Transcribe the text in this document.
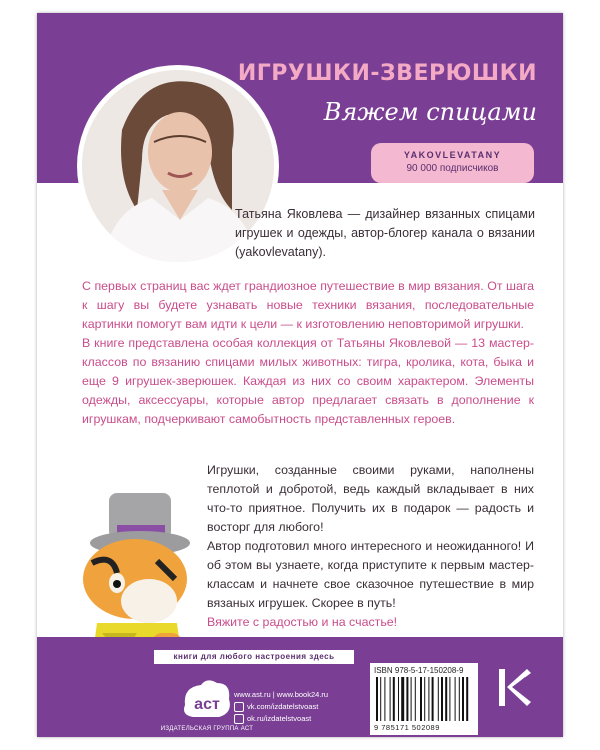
ИГРУШКИ-ЗВЕРЮШКИ
Вяжем спицами
YAKOVLEVATANY
90 000 подписчиков
Татьяна Яковлева — дизайнер вязанных спицами игрушек и одежды, автор-блогер канала о вязании (yakovlevatany).

С первых страниц вас ждет грандиозное путешествие в мир вязания. От шага к шагу вы будете узнавать новые техники вязания, последовательные картинки помогут вам идти к цели — к изготовлению неповторимой игрушки.

В книге представлена особая коллекция от Татьяны Яковлевой — 13 мастер-классов по вязанию спицами милых животных: тигра, кролика, кота, быка и еще 9 игрушек-зверюшек. Каждая из них со своим характером. Элементы одежды, аксессуары, которые автор предлагает связать в дополнение к игрушкам, подчеркивают самобытность представленных героев.

Игрушки, созданные своими руками, наполнены теплотой и добротой, ведь каждый вкладывает в них что-то приятное. Получить их в подарок — радость и восторг для любого!

Автор подготовил много интересного и неожиданного! И об этом вы узнаете, когда приступите к первым мастер-классам и начнете свое сказочное путешествие в мир вязаных игрушек. Скорее в путь!

Вяжите с радостью и на счастье!

книги для любого настроения здесь
аст
ИЗДАТЕЛЬСКАЯ ГРУППА АСТ
www.ast.ru | www.book24.ru
vk.com/izdatelstvoast
ok.ru/izdatelstvoast
ISBN 978-5-17-150208-9
9 785171 502089
